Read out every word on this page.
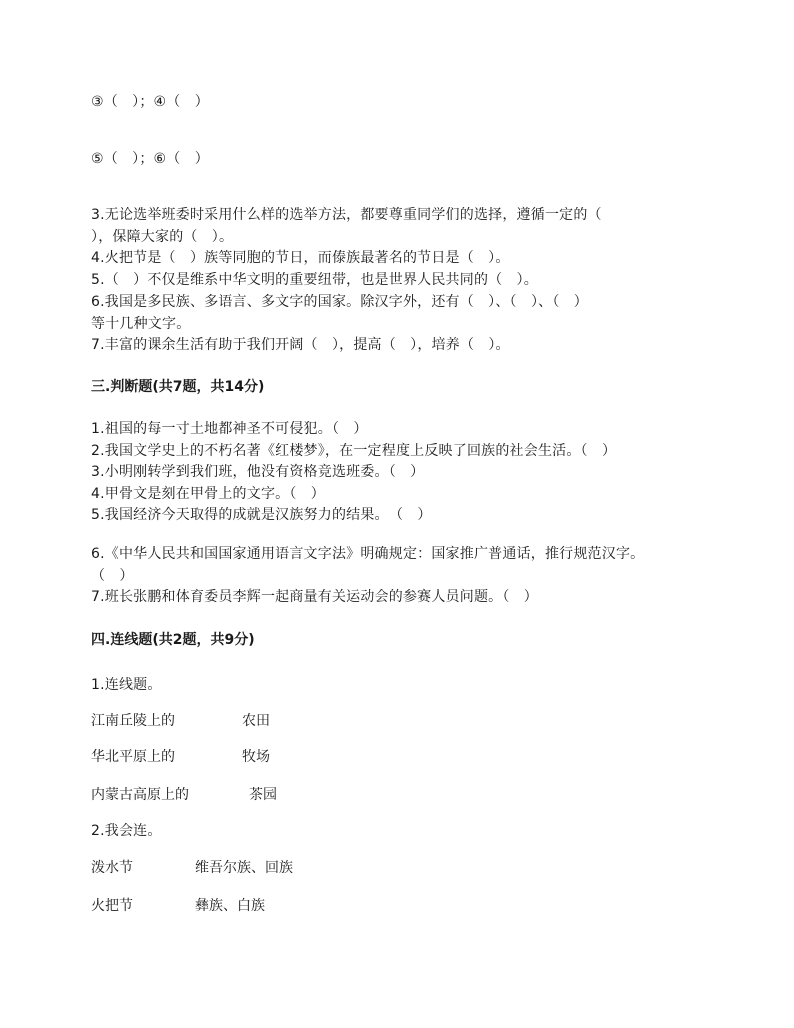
③（　）；④（　）
⑤（　）；⑥（　）
3.无论选举班委时采用什么样的选举方法，都要尊重同学们的选择，遵循一定的（
），保障大家的（　）。
4.火把节是（　）族等同胞的节日，而傣族最著名的节日是（　）。
5.（　）不仅是维系中华文明的重要纽带，也是世界人民共同的（　）。
6.我国是多民族、多语言、多文字的国家。除汉字外，还有（　）、（　）、（　）
等十几种文字。
7.丰富的课余生活有助于我们开阔（　），提高（　），培养（　）。
三.判断题(共7题，共14分)
1.祖国的每一寸土地都神圣不可侵犯。（　）
2.我国文学史上的不朽名著《红楼梦》，在一定程度上反映了回族的社会生活。（　）
3.小明刚转学到我们班，他没有资格竞选班委。（　）
4.甲骨文是刻在甲骨上的文字。（　）
5.我国经济今天取得的成就是汉族努力的结果。　（　）
6.《中华人民共和国国家通用语言文字法》明确规定：国家推广普通话，推行规范汉字。
（　）
7.班长张鹏和体育委员李辉一起商量有关运动会的参赛人员问题。（　）
四.连线题(共2题，共9分)
1.连线题。
江南丘陵上的	农田
华北平原上的	牧场
内蒙古高原上的	茶园
2.我会连。
泼水节	维吾尔族、回族
火把节	彝族、白族
